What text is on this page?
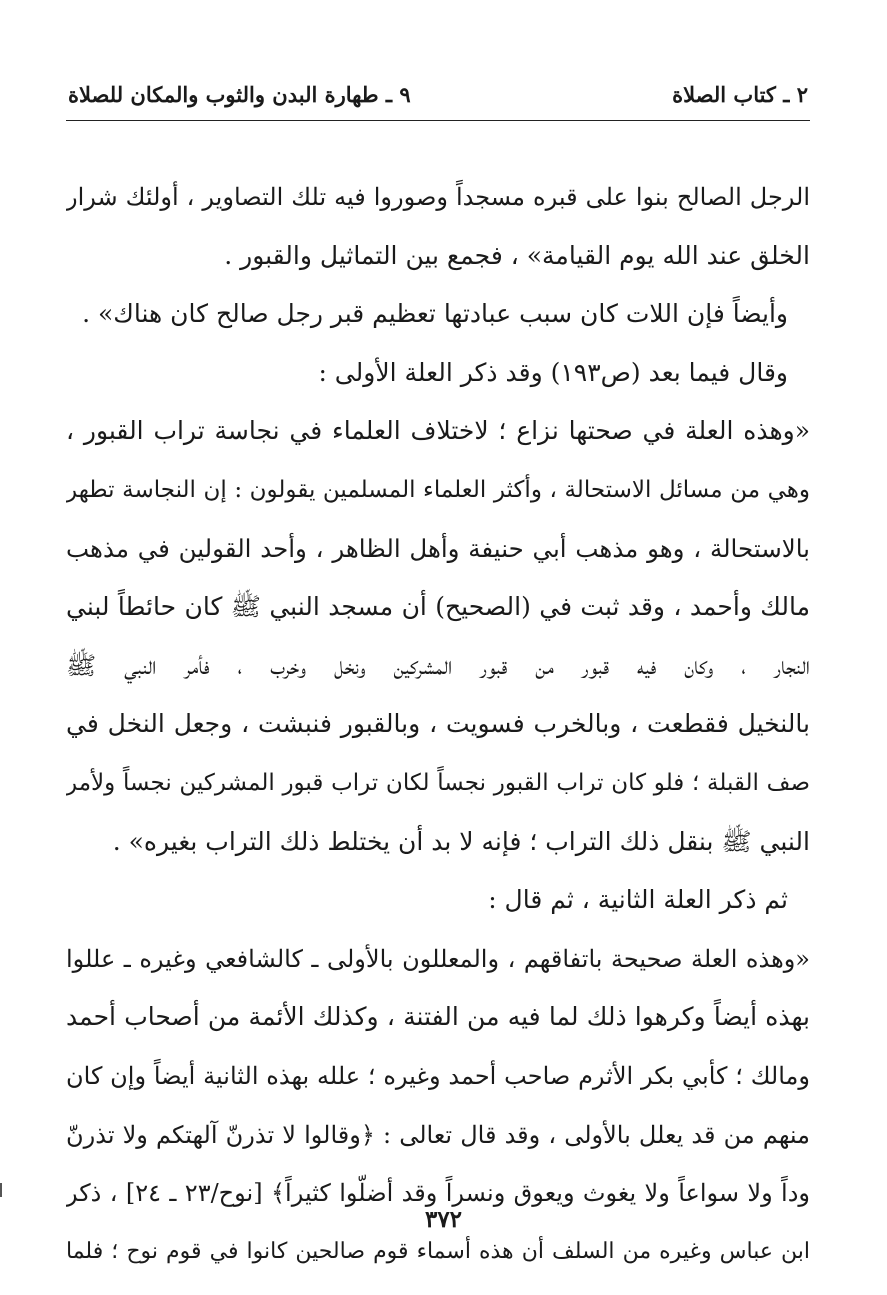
٢ ـ كتاب الصلاة
٩ ـ طهارة البدن والثوب والمكان للصلاة
الرجل الصالح بنوا على قبره مسجداً وصوروا فيه تلك التصاوير ، أولئك شرار
الخلق عند الله يوم القيامة» ، فجمع بين التماثيل والقبور .
وأيضاً فإن اللات كان سبب عبادتها تعظيم قبر رجل صالح كان هناك» .
وقال فيما بعد (ص١٩٣) وقد ذكر العلة الأولى :
«وهذه العلة في صحتها نزاع ؛ لاختلاف العلماء في نجاسة تراب القبور ،
وهي من مسائل الاستحالة ، وأكثر العلماء المسلمين يقولون : إن النجاسة تطهر
بالاستحالة ، وهو مذهب أبي حنيفة وأهل الظاهر ، وأحد القولين في مذهب
مالك وأحمد ، وقد ثبت في (الصحيح) أن مسجد النبي ﷺ كان حائطاً لبني
النجار ، وكان فيه قبور من قبور المشركين ونخل وخرب ، فأمر النبي ﷺ
بالنخيل فقطعت ، وبالخرب فسويت ، وبالقبور فنبشت ، وجعل النخل في
صف القبلة ؛ فلو كان تراب القبور نجساً لكان تراب قبور المشركين نجساً ولأمر
النبي ﷺ بنقل ذلك التراب ؛ فإنه لا بد أن يختلط ذلك التراب بغيره» .
ثم ذكر العلة الثانية ، ثم قال :
«وهذه العلة صحيحة باتفاقهم ، والمعللون بالأولى ـ كالشافعي وغيره ـ عللوا
بهذه أيضاً وكرهوا ذلك لما فيه من الفتنة ، وكذلك الأئمة من أصحاب أحمد
ومالك ؛ كأبي بكر الأثرم صاحب أحمد وغيره ؛ علله بهذه الثانية أيضاً وإن كان
منهم من قد يعلل بالأولى ، وقد قال تعالى : ﴿وقالوا لا تذرنّ آلهتكم ولا تذرنّ
وداً ولا سواعاً ولا يغوث ويعوق ونسراً وقد أضلّوا كثيراً﴾ [نوح/٢٣ ـ ٢٤] ، ذكر
ابن عباس وغيره من السلف أن هذه أسماء قوم صالحين كانوا في قوم نوح ؛ فلما
٣٧٢
